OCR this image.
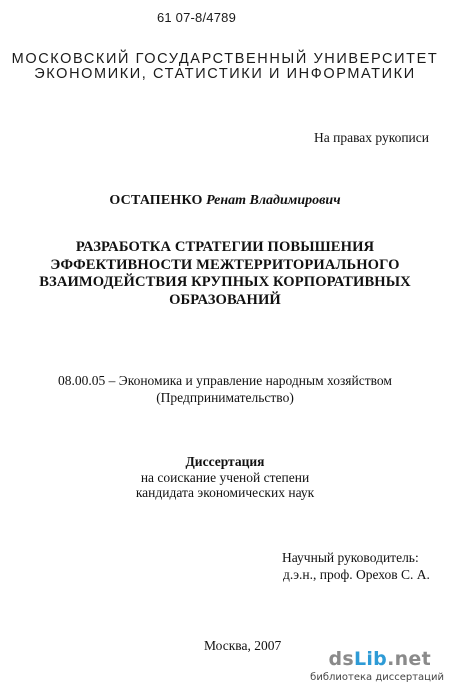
61 07-8/4789
МОСКОВСКИЙ ГОСУДАРСТВЕННЫЙ УНИВЕРСИТЕТ
ЭКОНОМИКИ, СТАТИСТИКИ И ИНФОРМАТИКИ
На правах рукописи
ОСТАПЕНКО Ренат Владимирович
РАЗРАБОТКА СТРАТЕГИИ ПОВЫШЕНИЯ
ЭФФЕКТИВНОСТИ МЕЖТЕРРИТОРИАЛЬНОГО
ВЗАИМОДЕЙСТВИЯ КРУПНЫХ КОРПОРАТИВНЫХ
ОБРАЗОВАНИЙ
08.00.05 – Экономика и управление народным хозяйством
(Предпринимательство)
Диссертация
на соискание ученой степени
кандидата экономических наук
Научный руководитель:
д.э.н., проф. Орехов С. А.
Москва, 2007
dsLib.net
библиотека диссертаций
